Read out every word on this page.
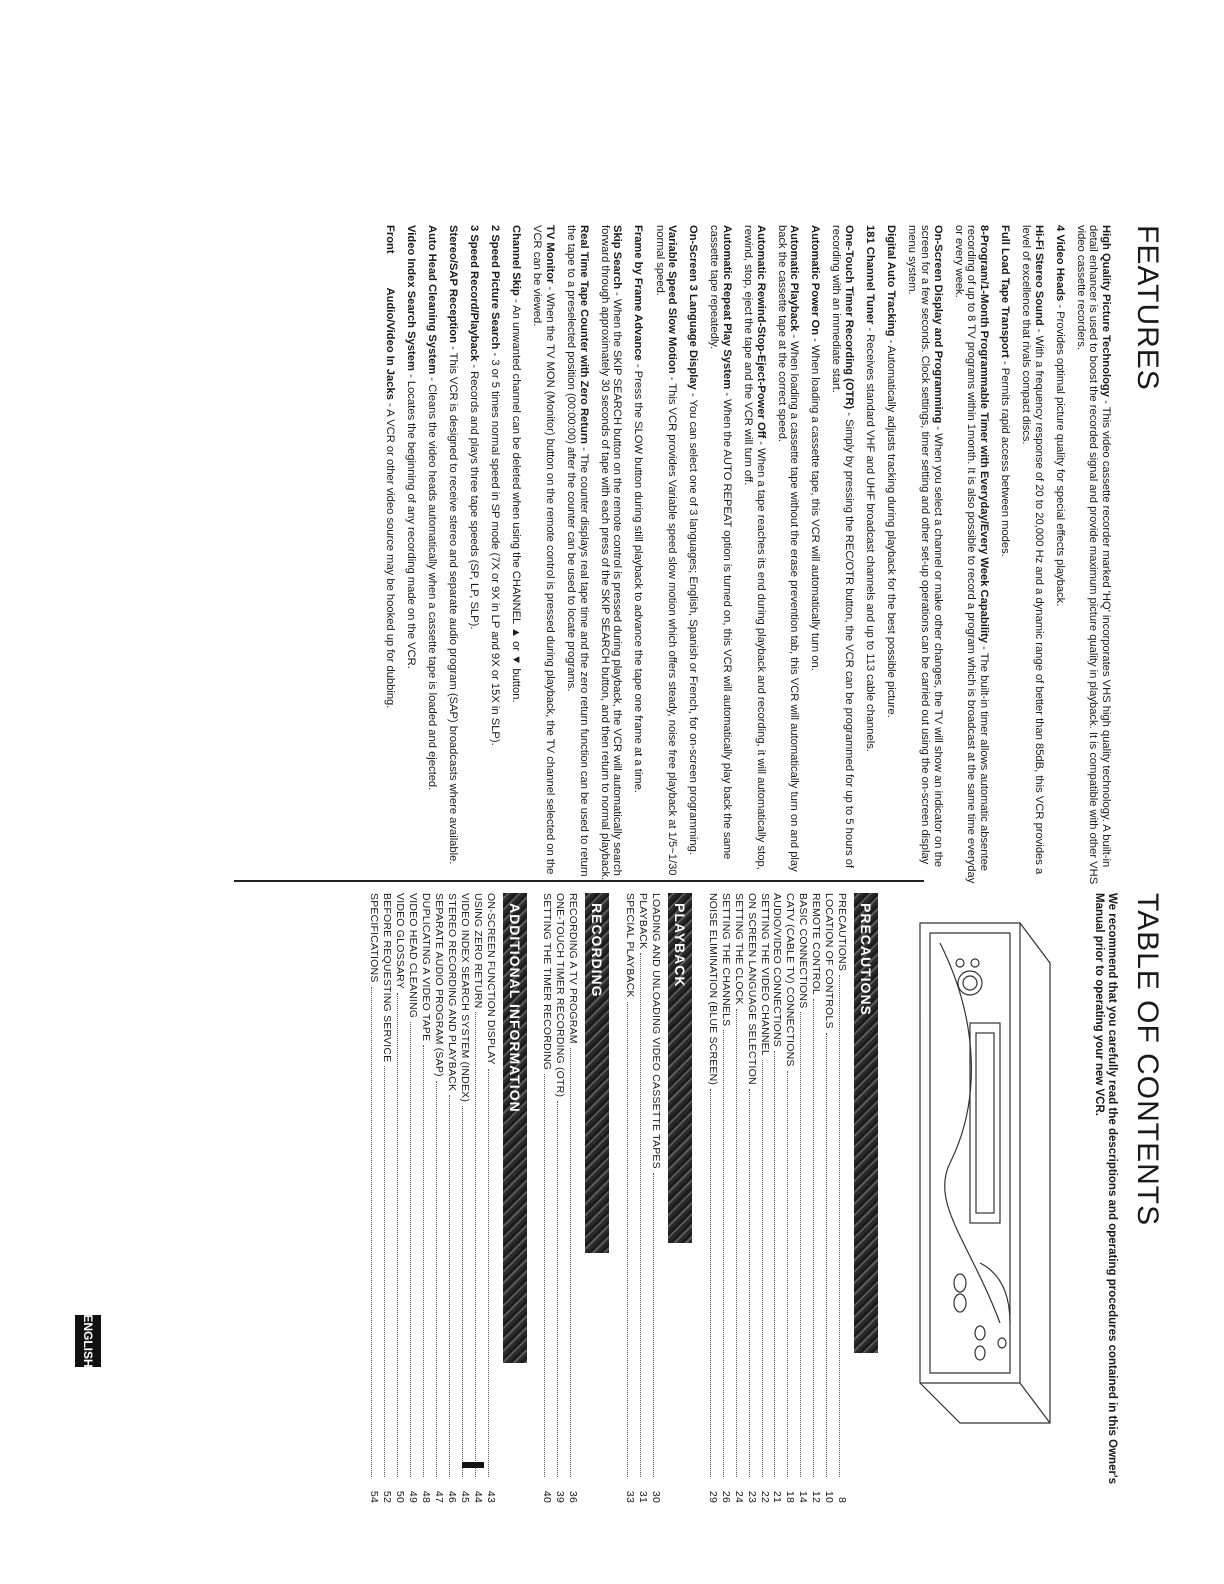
FEATURES

High Quality Picture Technology - This video cassette recorder marked 'HQ' incorporates VHS high quality technology. A built-in detail enhancer is used to boost the recorded signal and provide maximum picture quality in playback. It is compatible with other VHS video cassette recorders.

4 Video Heads - Provides optimal picture quality for special effects playback.

Hi-Fi Stereo Sound - With a frequency response of 20 to 20,000 Hz and a dynamic range of better than 85dB, this VCR provides a level of excellence that rivals compact discs.

Full Load Tape Transport - Permits rapid access between modes.

8-Program/1-Month Programmable Timer with Everyday/Every Week Capability - The built-in timer allows automatic absentee recording of up to 8 TV programs within 1month. It is also possible to record a program which is broadcast at the same time everyday or every week.

On-Screen Display and Programming - When you select a channel or make other changes, the TV will show an indicator on the screen for a few seconds. Clock settings, timer setting and other set-up operations can be carried out using the on-screen display menu system.

Digital Auto Tracking - Automatically adjusts tracking during playback for the best possible picture.

181 Channel Tuner - Receives standard VHF and UHF broadcast channels and up to 113 cable channels.

One-Touch Timer Recording (OTR) - Simply by pressing the REC/OTR button, the VCR can be programmed for up to 5 hours of recording with an immediate start.

Automatic Power On - When loading a cassette tape, this VCR will automatically turn on.

Automatic Playback - When loading a cassette tape without the erase prevention tab, this VCR will automatically turn on and play back the cassette tape at the correct speed.

Automatic Rewind-Stop-Eject-Power Off - When a tape reaches its end during playback and recording, it will automatically stop, rewind, stop, eject the tape and the VCR will turn off.

Automatic Repeat Play System - When the AUTO REPEAT option is turned on, this VCR will automatically play back the same cassette tape repeatedly.

On-Screen 3 Language Display - You can select one of 3 languages; English, Spanish or French, for on-screen programming.

Variable Speed Slow Motion - This VCR provides Variable speed slow motion which offers steady, noise free playback at 1/5~1/30 normal speed.

Frame by Frame Advance - Press the SLOW button during still playback to advance the tape one frame at a time.

Skip Search - When the SKIP SEARCH button on the remote control is pressed during playback, the VCR will automatically search forward through approximately 30 seconds of tape with each press of the SKIP SEARCH button, and then return to normal playback.

Real Time Tape Counter with Zero Return - The counter displays real tape time and the zero return function can be used to return the tape to a preselected position (00:00:00) after the counter can be used to locate programs.

TV Monitor - When the TV MON (Monitor) button on the remote control is pressed during playback, the TV channel selected on the VCR can be viewed.

Channel Skip - An unwanted channel can be deleted when using the CHANNEL ▲ or ▼ button.

2 Speed Picture Search - 3 or 5 times normal speed in SP mode (7X or 9X in LP and 9X or 15X in SLP).

3 Speed Record/Playback - Records and plays three tape speeds (SP, LP, SLP).

Stereo/SAP Reception - This VCR is designed to receive stereo and separate audio program (SAP) broadcasts where available.

Auto Head Cleaning System - Cleans the video heads automatically when a cassette tape is loaded and ejected.

Video Index Search System - Locates the beginning of any recording made on the VCR.

Front
Audio/Video In Jacks - A VCR or other video source may be hooked up for dubbing.
TABLE OF CONTENTS

We recommend that you carefully read the descriptions and operating procedures contained in this Owner's Manual prior to operating your new VCR.

PRECAUTIONS
PRECAUTIONS
8
LOCATION OF CONTROLS
10
REMOTE CONTROL
12
BASIC CONNECTIONS
14
CATV (CABLE TV) CONNECTIONS
18
AUDIO/VIDEO CONNECTIONS
21
SETTING THE VIDEO CHANNEL
22
ON SCREEN LANGUAGE SELECTION
23
SETTING THE CLOCK
24
SETTING THE CHANNELS
26
NOISE ELIMINATION (BLUE SCREEN)
29
PLAYBACK
LOADING AND UNLOADING VIDEO CASSETTE TAPES
30
PLAYBACK
31
SPECIAL PLAYBACK
33
RECORDING
RECORDING A TV PROGRAM
36
ONE-TOUCH TIMER RECORDING (OTR)
39
SETTING THE TIMER RECORDING
40
ADDITIONAL INFORMATION
ON-SCREEN FUNCTION DISPLAY
43
USING ZERO RETURN
44
VIDEO INDEX SEARCH SYSTEM (INDEX)
45
STEREO RECORDING AND PLAYBACK
46
SEPARATE AUDIO PROGRAM (SAP)
47
DUPLICATING A VIDEO TAPE
48
VIDEO HEAD CLEANING
49
VIDEO GLOSSARY
50
BEFORE REQUESTING SERVICE
52
SPECIFICATIONS
54
ENGLISH
